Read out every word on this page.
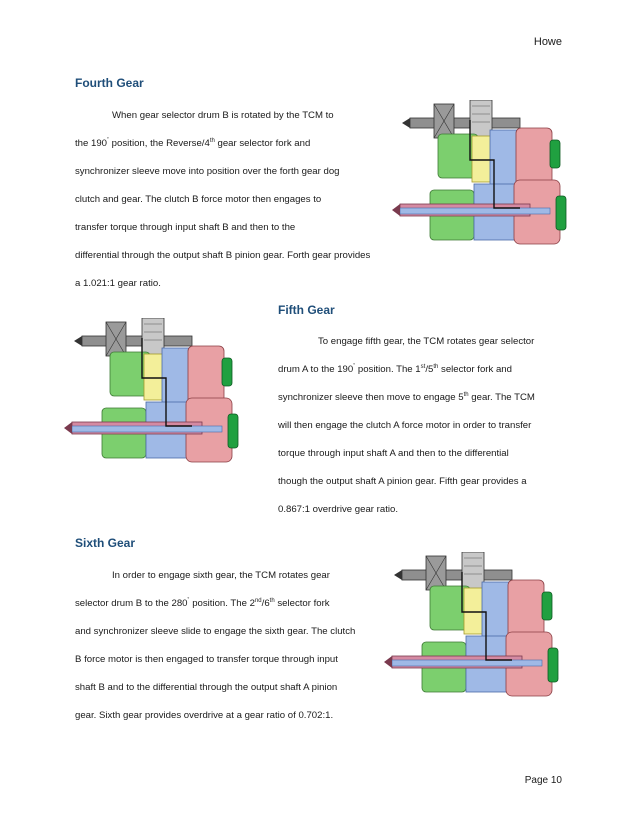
Howe
Page 10
Fourth Gear
When gear selector drum B is rotated by the TCM to
the 190˚ position, the Reverse/4th gear selector fork and
synchronizer sleeve move into position over the forth gear dog
clutch and gear. The clutch B force motor then engages to
transfer torque through input shaft B and then to the
differential through the output shaft B pinion gear. Forth gear provides
a 1.021:1 gear ratio.
Fifth Gear
To engage fifth gear, the TCM rotates gear selector
drum A to the 190˚ position. The 1st/5th selector fork and
synchronizer sleeve then move to engage 5th gear. The TCM
will then engage the clutch A force motor in order to transfer
torque through input shaft A and then to the differential
though the output shaft A pinion gear. Fifth gear provides a
0.867:1 overdrive gear ratio.
Sixth Gear
In order to engage sixth gear, the TCM rotates gear
selector drum B to the 280˚ position. The 2nd/6th selector fork
and synchronizer sleeve slide to engage the sixth gear. The clutch
B force motor is then engaged to transfer torque through input
shaft B and to the differential through the output shaft A pinion
gear. Sixth gear provides overdrive at a gear ratio of 0.702:1.
